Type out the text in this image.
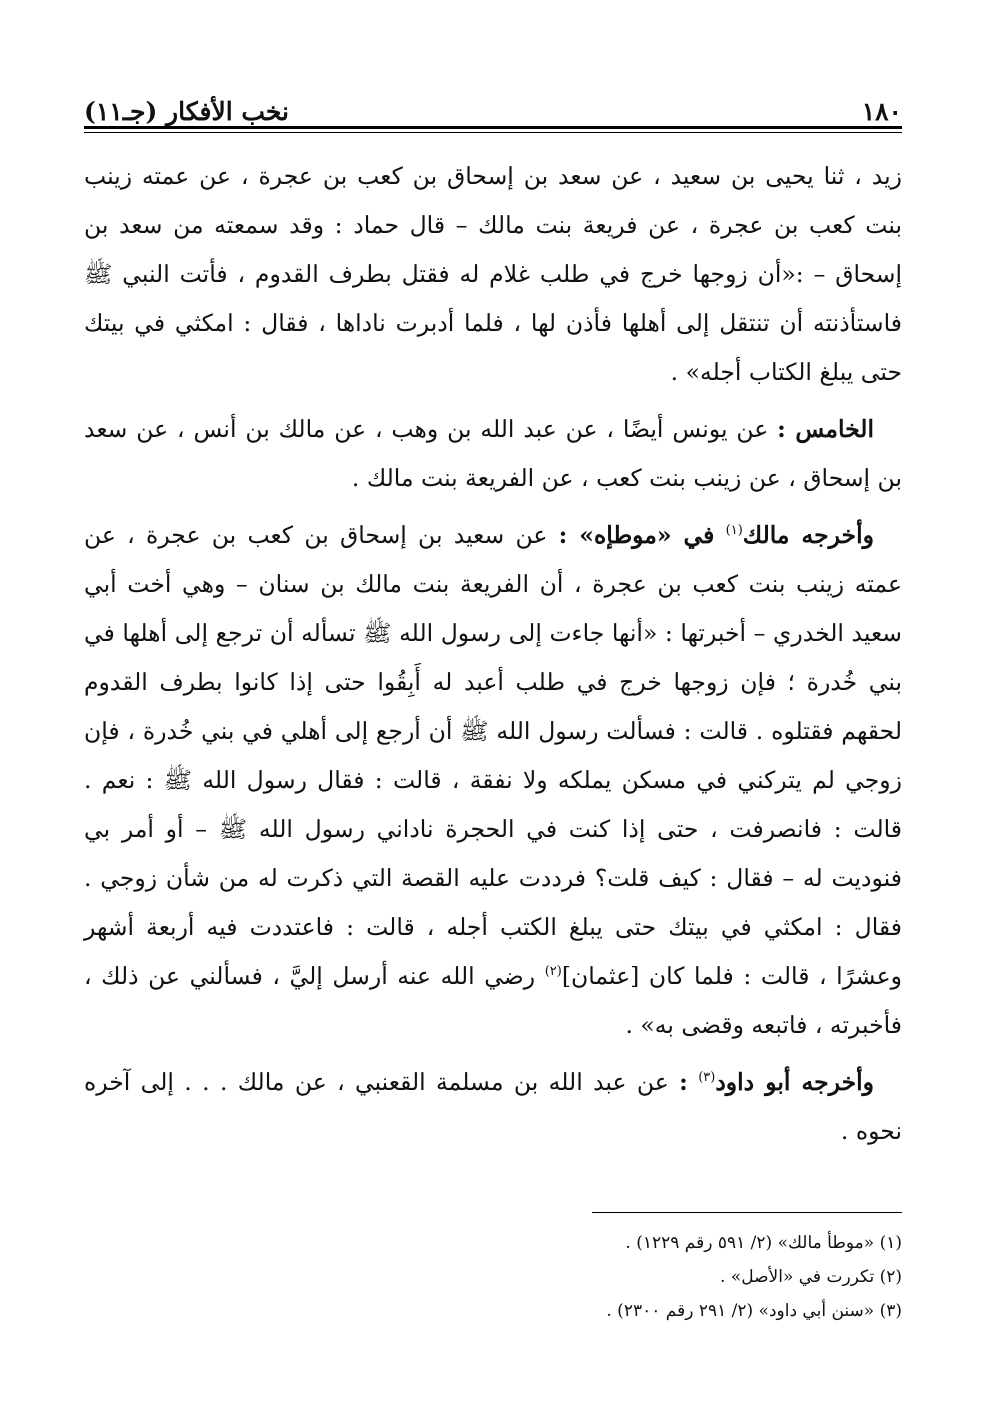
١٨٠
نخب الأفكار (جـ١١)

زيد ، ثنا يحيى بن سعيد ، عن سعد بن إسحاق بن كعب بن عجرة ، عن عمته زينب بنت كعب بن عجرة ، عن فريعة بنت مالك – قال حماد : وقد سمعته من سعد بن إسحاق – :«أن زوجها خرج في طلب غلام له فقتل بطرف القدوم ، فأتت النبي ﷺ فاستأذنته أن تنتقل إلى أهلها فأذن لها ، فلما أدبرت ناداها ، فقال : امكثي في بيتك حتى يبلغ الكتاب أجله» .

الخامس : عن يونس أيضًا ، عن عبد الله بن وهب ، عن مالك بن أنس ، عن سعد بن إسحاق ، عن زينب بنت كعب ، عن الفريعة بنت مالك .

وأخرجه مالك$^{(١)}$ في «موطإه» : عن سعيد بن إسحاق بن كعب بن عجرة ، عن عمته زينب بنت كعب بن عجرة ، أن الفريعة بنت مالك بن سنان – وهي أخت أبي سعيد الخدري – أخبرتها : «أنها جاءت إلى رسول الله ﷺ تسأله أن ترجع إلى أهلها في بني خُدرة ؛ فإن زوجها خرج في طلب أعبد له أَبِقُوا حتى إذا كانوا بطرف القدوم لحقهم فقتلوه . قالت : فسألت رسول الله ﷺ أن أرجع إلى أهلي في بني خُدرة ، فإن زوجي لم يتركني في مسكن يملكه ولا نفقة ، قالت : فقال رسول الله ﷺ : نعم . قالت : فانصرفت ، حتى إذا كنت في الحجرة ناداني رسول الله ﷺ – أو أمر بي فنوديت له – فقال : كيف قلت؟ فرددت عليه القصة التي ذكرت له من شأن زوجي . فقال : امكثي في بيتك حتى يبلغ الكتب أجله ، قالت : فاعتددت فيه أربعة أشهر وعشرًا ، قالت : فلما كان [عثمان]$^{(٢)}$ رضي الله عنه أرسل إليَّ ، فسألني عن ذلك ، فأخبرته ، فاتبعه وقضى به» .

وأخرجه أبو داود$^{(٣)}$ : عن عبد الله بن مسلمة القعنبي ، عن مالك . . . إلى آخره نحوه .

(١) «موطأ مالك» (٢/ ٥٩١ رقم ١٢٢٩) .
(٢) تكررت في «الأصل» .
(٣) «سنن أبي داود» (٢/ ٢٩١ رقم ٢٣٠٠) .
